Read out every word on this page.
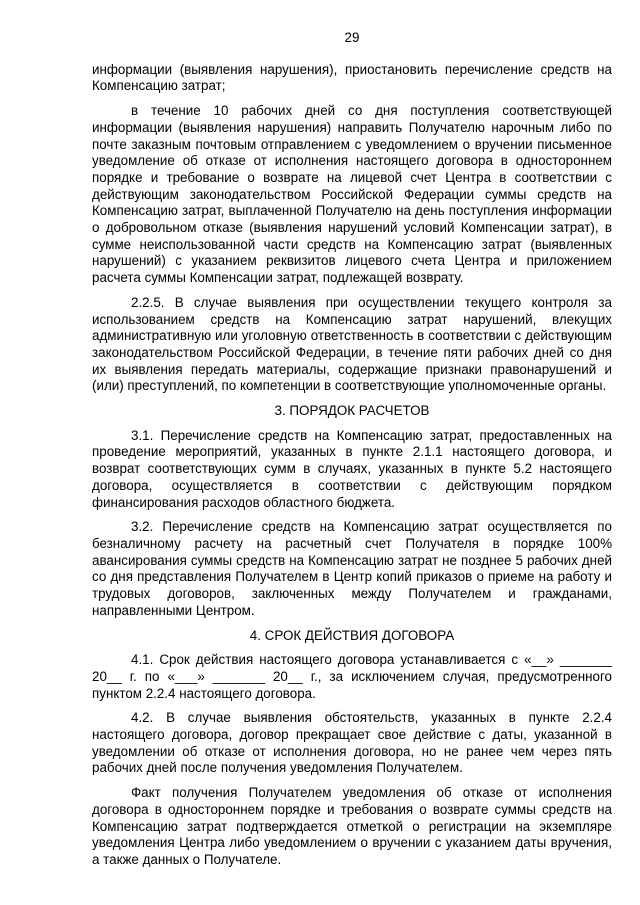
29

информации (выявления нарушения), приостановить перечисление средств на Компенсацию затрат;

в течение 10 рабочих дней со дня поступления соответствующей информации (выявления нарушения) направить Получателю нарочным либо по почте заказным почтовым отправлением с уведомлением о вручении письменное уведомление об отказе от исполнения настоящего договора в одностороннем порядке и требование о возврате на лицевой счет Центра в соответствии с действующим законодательством Российской Федерации суммы средств на Компенсацию затрат, выплаченной Получателю на день поступления информации о добровольном отказе (выявления нарушений условий Компенсации затрат), в сумме неиспользованной части средств на Компенсацию затрат (выявленных нарушений) с указанием реквизитов лицевого счета Центра и приложением расчета суммы Компенсации затрат, подлежащей возврату.

2.2.5. В случае выявления при осуществлении текущего контроля за использованием средств на Компенсацию затрат нарушений, влекущих административную или уголовную ответственность в соответствии с действующим законодательством Российской Федерации, в течение пяти рабочих дней со дня их выявления передать материалы, содержащие признаки правонарушений и (или) преступлений, по компетенции в соответствующие уполномоченные органы.

3. ПОРЯДОК РАСЧЕТОВ

3.1. Перечисление средств на Компенсацию затрат, предоставленных на проведение мероприятий, указанных в пункте 2.1.1 настоящего договора, и возврат соответствующих сумм в случаях, указанных в пункте 5.2 настоящего договора, осуществляется в соответствии с действующим порядком финансирования расходов областного бюджета.

3.2. Перечисление средств на Компенсацию затрат осуществляется по безналичному расчету на расчетный счет Получателя в порядке 100% авансирования суммы средств на Компенсацию затрат не позднее 5 рабочих дней со дня представления Получателем в Центр копий приказов о приеме на работу и трудовых договоров, заключенных между Получателем и гражданами, направленными Центром.

4. СРОК ДЕЙСТВИЯ ДОГОВОРА

4.1. Срок действия настоящего договора устанавливается с «__» _______ 20__ г. по «___» _______ 20__ г., за исключением случая, предусмотренного пунктом 2.2.4 настоящего договора.

4.2. В случае выявления обстоятельств, указанных в пункте 2.2.4 настоящего договора, договор прекращает свое действие с даты, указанной в уведомлении об отказе от исполнения договора, но не ранее чем через пять рабочих дней после получения уведомления Получателем.

Факт получения Получателем уведомления об отказе от исполнения договора в одностороннем порядке и требования о возврате суммы средств на Компенсацию затрат подтверждается отметкой о регистрации на экземпляре уведомления Центра либо уведомлением о вручении с указанием даты вручения, а также данных о Получателе.
